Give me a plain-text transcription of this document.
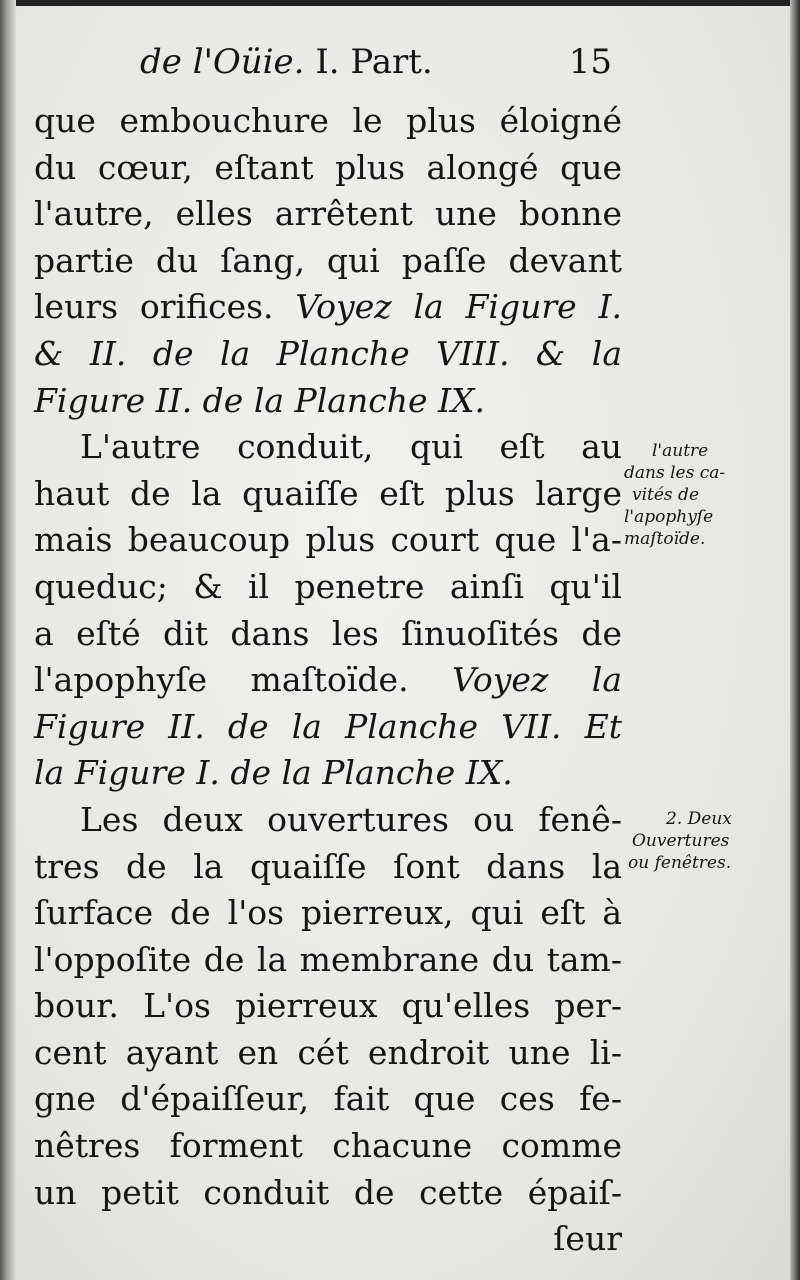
de l'Oüie. I. Part.	15
que embouchure le plus éloigné
du cœur, eſtant plus alongé que
l'autre, elles arrêtent une bonne
partie du ſang, qui paſſe devant
leurs orifices. Voyez la Figure I.
& II. de la Planche VIII. & la
Figure II. de la Planche IX.
L'autre conduit, qui eſt au
haut de la quaiſſe eſt plus large
mais beaucoup plus court que l'a-
queduc; & il penetre ainſi qu'il
a eſté dit dans les ſinuoſités de
l'apophyſe maſtoïde. Voyez la
Figure II. de la Planche VII. Et
la Figure I. de la Planche IX.
Les deux ouvertures ou fenê-
tres de la quaiſſe ſont dans la
ſurface de l'os pierreux, qui eſt à
l'oppoſite de la membrane du tam-
bour. L'os pierreux qu'elles per-
cent ayant en cét endroit une li-
gne d'épaiſſeur, fait que ces fe-
nêtres forment chacune comme
un petit conduit de cette épaiſ-
ſeur
l'autre
dans les ca-
vités de
l'apophyſe
maſtoïde.
2. Deux
Ouvertures
ou fenêtres.
